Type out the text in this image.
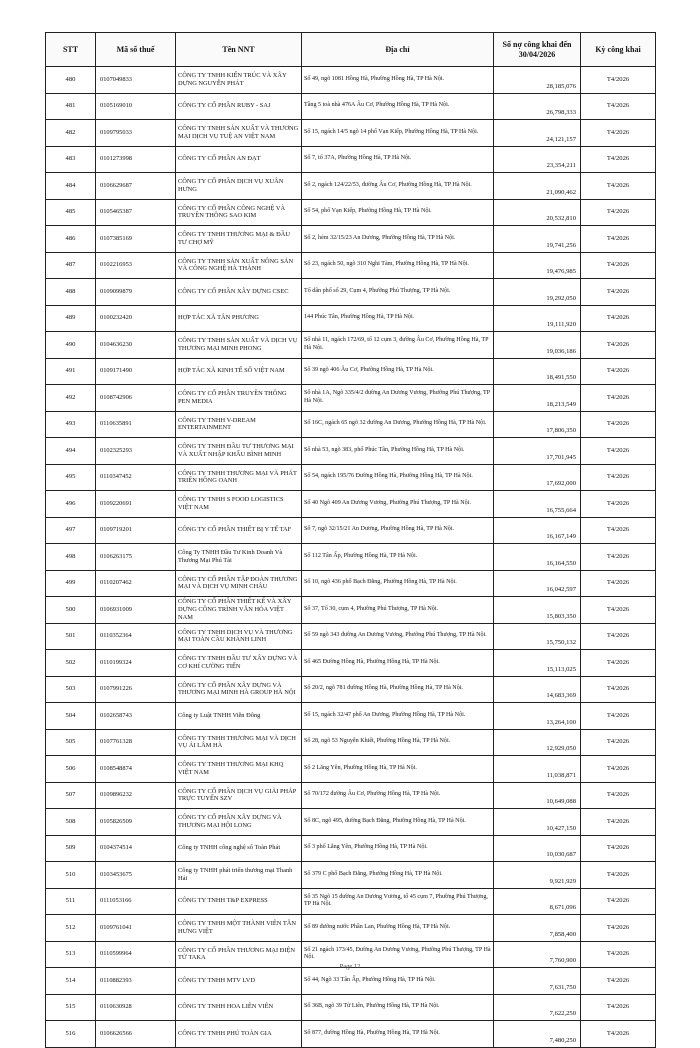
STT	Mã số thuế	Tên NNT	Địa chỉ	Số nợ công khai đến 30/04/2026	Kỳ công khai
480	0107049833	CÔNG TY TNHH KIẾN TRÚC VÀ XÂY DỰNG NGUYỄN PHÁT	Số 49, ngõ 1081 Hồng Hà, Phường Hồng Hà, TP Hà Nội.	28,185,076	T4/2026
481	0105169010	CÔNG TY CỔ PHẦN RUBY - SAJ	Tầng 5 toà nhà 476A Âu Cơ, Phường Hồng Hà, TP Hà Nội.	26,798,333	T4/2026
482	0109795033	CÔNG TY TNHH SẢN XUẤT VÀ THƯƠNG MẠI DỊCH VỤ TUỆ AN VIỆT NAM	Số 15, ngách 14/5 ngõ 14 phố Vạn Kiếp, Phường Hồng Hà, TP Hà Nội.	24,121,157	T4/2026
483	0101273998	CÔNG TY CỔ PHẦN AN ĐẠT	Số 7, tổ 37A, Phường Hồng Hà, TP Hà Nội.	23,354,211	T4/2026
484	0106629687	CÔNG TY CỔ PHẦN DỊCH VỤ XUÂN HƯNG	Số 2, ngách 124/22/53, đường Âu Cơ, Phường Hồng Hà, TP Hà Nội.	21,090,462	T4/2026
485	0105465387	CÔNG TY CỔ PHẦN CÔNG NGHỆ VÀ TRUYỀN THÔNG SAO KIM	Số 54, phố Vạn Kiếp, Phường Hồng Hà, TP Hà Nội.	20,532,810	T4/2026
486	0107385169	CÔNG TY TNHH THƯƠNG MẠI & ĐẦU TƯ CHỢ MỸ	Số 2, hẻm 32/15/23 An Dương, Phường Hồng Hà, TP Hà Nội.	19,741,256	T4/2026
487	0102216953	CÔNG TY TNHH SẢN XUẤT NÔNG SẢN VÀ CÔNG NGHỆ HÀ THÀNH	Số 23, ngách 50, ngõ 310 Nghi Tàm, Phường Hồng Hà, TP Hà Nội.	19,476,985	T4/2026
488	0109099879	CÔNG TY CỔ PHẦN XÂY DỰNG CSEC	Tổ dân phố số 29, Cụm 4, Phường Phú Thượng, TP Hà Nội.	19,292,050	T4/2026
489	0100232420	HỢP TÁC XÃ TÂN PHƯƠNG	144 Phúc Tân, Phường Hồng Hà, TP Hà Nội.	19,111,920	T4/2026
490	0104636230	CÔNG TY TNHH SẢN XUẤT VÀ DỊCH VỤ THƯƠNG MẠI MINH PHONG	Số nhà 11, ngách 172/69, tổ 12 cụm 3, đường Âu Cơ, Phường Hồng Hà, TP Hà Nội.	19,036,186	T4/2026
491	0109171490	HỢP TÁC XÃ KINH TẾ SỐ VIỆT NAM	Số 39 ngõ 406 Âu Cơ, Phường Hồng Hà, TP Hà Nội.	18,491,550	T4/2026
492	0108742906	CÔNG TY CỔ PHẦN TRUYỀN THÔNG PEN MEDIA	Số nhà 1A, Ngõ 335/4/2 đường An Dương Vương, Phường Phú Thượng, TP Hà Nội.	18,213,549	T4/2026
493	0110635891	CÔNG TY TNHH V-DREAM ENTERTAINMENT	Số 16C, ngách 65 ngõ 32 đường An Dương, Phường Hồng Hà, TP Hà Nội.	17,806,350	T4/2026
494	0102325293	CÔNG TY TNHH ĐẦU TƯ THƯƠNG MẠI VÀ XUẤT NHẬP KHẨU BÌNH MINH	Số nhà 53, ngõ 383, phố Phúc Tân, Phường Hồng Hà, TP Hà Nội.	17,701,945	T4/2026
495	0110347452	CÔNG TY TNHH THƯƠNG MẠI VÀ PHÁT TRIỂN HỒNG OANH	Số 54, ngách 195/76 Đường Hồng Hà, Phường Hồng Hà, TP Hà Nội.	17,692,000	T4/2026
496	0109220691	CÔNG TY TNHH S FOOD LOGISTICS VIỆT NAM	Số 40 Ngõ 409 An Dương Vương, Phường Phú Thượng, TP Hà Nội.	16,755,664	T4/2026
497	0109719201	CÔNG TY CỔ PHẦN THIẾT BỊ Y TẾ TAF	Số 7, ngõ 32/15/21 An Dương, Phường Hồng Hà, TP Hà Nội.	16,167,149	T4/2026
498	0106263175	Công Ty TNHH Đầu Tư Kinh Doanh Và Thương Mại Phú Tài	Số 112 Tân Ấp, Phường Hồng Hà, TP Hà Nội.	16,164,550	T4/2026
499	0110207462	CÔNG TY CỔ PHẦN TẬP ĐOÀN THƯƠNG MẠI VÀ DỊCH VỤ MINH CHÂU	Số 10, ngõ 436 phố Bạch Đằng, Phường Hồng Hà, TP Hà Nội.	16,042,597	T4/2026
500	0106931009	CÔNG TY CỔ PHẦN THIẾT KẾ VÀ XÂY DỰNG CÔNG TRÌNH VĂN HÓA VIỆT NAM	Số 37, Tổ 30, cụm 4, Phường Phú Thượng, TP Hà Nội.	15,803,350	T4/2026
501	0110352364	CÔNG TY TNHH DỊCH VỤ VÀ THƯƠNG MẠI TOÀN CẦU KHÁNH LINH	Số 59 ngõ 343 đường An Dương Vương, Phường Phú Thượng, TP Hà Nội.	15,750,132	T4/2026
502	0110199324	CÔNG TY TNHH ĐẦU TƯ XÂY DỰNG VÀ CƠ KHÍ CƯỜNG TIẾN	Số 465 Đường Hồng Hà, Phường Hồng Hà, TP Hà Nội.	15,113,025	T4/2026
503	0107991226	CÔNG TY CỔ PHẦN XÂY DỰNG VÀ THƯƠNG MẠI MINH HÀ GROUP HÀ NỘI	Số 20/2, ngõ 781 đường Hồng Hà, Phường Hồng Hà, TP Hà Nội.	14,683,369	T4/2026
504	0102658743	Công ty Luật TNHH Viễn Đông	Số 15, ngách 32/47 phố An Dương, Phường Hồng Hà, TP Hà Nội.	13,264,100	T4/2026
505	0107761328	CÔNG TY TNHH THƯƠNG MẠI VÀ DỊCH VỤ ÁI LÂM HÀ	Số 28, ngõ 53 Nguyễn Khiết, Phường Hồng Hà, TP Hà Nội.	12,929,050	T4/2026
506	0108548874	CÔNG TY TNHH THƯƠNG MẠI KHQ VIỆT NAM	Số 2 Lăng Yên, Phường Hồng Hà, TP Hà Nội.	11,038,871	T4/2026
507	0109896232	CÔNG TY CỔ PHẦN DỊCH VỤ GIẢI PHÁP TRỰC TUYẾN SZV	Số 70/172 đường Âu Cơ, Phường Hồng Hà, TP Hà Nội.	10,649,088	T4/2026
508	0105826509	CÔNG TY CỔ PHẦN XÂY DỰNG VÀ THƯƠNG MẠI HỘI LONG	Số 8C, ngõ 495, đường Bạch Đằng, Phường Hồng Hà, TP Hà Nội.	10,427,150	T4/2026
509	0104374514	Công ty TNHH công nghệ số Toàn Phát	Số 3 phố Lăng Yên, Phường Hồng Hà, TP Hà Nội.	10,030,687	T4/2026
510	0103453675	Công ty TNHH phát triển thương mại Thanh Hải	Số 379 C phố Bạch Đằng, Phường Hồng Hà, TP Hà Nội.	9,921,929	T4/2026
511	0111053166	CÔNG TY TNHH T&P EXPRESS	Số 35 Ngõ 15 đường An Dương Vương, tổ 45 cụm 7, Phường Phú Thượng, TP Hà Nội.	8,671,096	T4/2026
512	0109761041	CÔNG TY TNHH MỘT THÀNH VIÊN TÂN HƯNG VIỆT	Số 89 đường nước Phần Lan, Phường Hồng Hà, TP Hà Nội.	7,858,400	T4/2026
513	0110599964	CÔNG TY CỔ PHẦN THƯƠNG MẠI ĐIỆN TỬ TAKA	Số 21 ngách 173/45, Đường An Dương Vương, Phường Phú Thượng, TP Hà Nội.	7,760,900	T4/2026
514	0110882393	CÔNG TY TNHH MTV LVD	Số 44, Ngõ 33 Tân Ấp, Phường Hồng Hà, TP Hà Nội.	7,631,750	T4/2026
515	0110630928	CÔNG TY TNHH HOA LIÊN VIÊN	Số 36B, ngõ 39 Từ Liên, Phường Hồng Hà, TP Hà Nội.	7,622,250	T4/2026
516	0106626566	CÔNG TY TNHH PHÚ TOÀN GIA	Số 877, đường Hồng Hà, Phường Hồng Hà, TP Hà Nội.	7,480,250	T4/2026
Page 12
